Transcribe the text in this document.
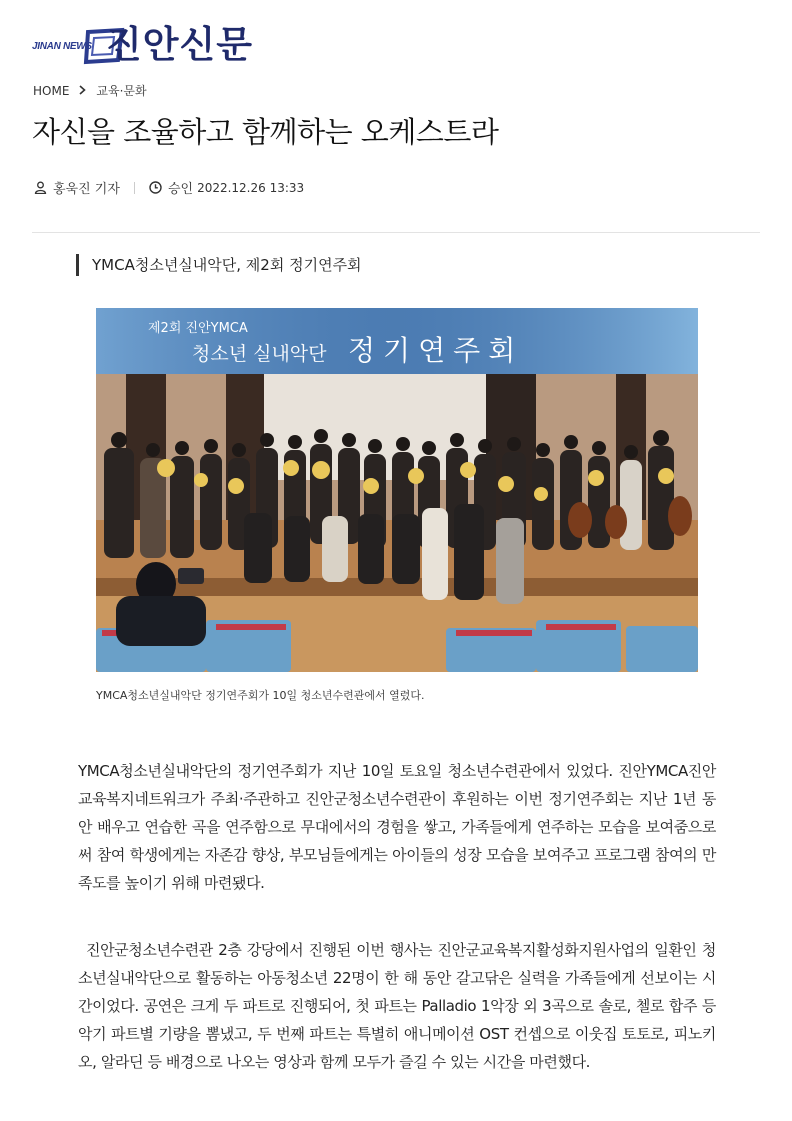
JINAN NEWS 진안신문
HOME 교육·문화
자신을 조율하고 함께하는 오케스트라
홍욱진 기자	승인 2022.12.26 13:33
YMCA청소년실내악단, 제2회 정기연주회
제2회 진안YMCA
청소년 실내악단 정기연주회
YMCA청소년실내악단 정기연주회가 10일 청소년수련관에서 열렸다.

YMCA청소년실내악단의 정기연주회가 지난 10일 토요일 청소년수련관에서 있었다. 진안YMCA진안교육복지네트워크가 주최·주관하고 진안군청소년수련관이 후원하는 이번 정기연주회는 지난 1년 동안 배우고 연습한 곡을 연주함으로 무대에서의 경험을 쌓고, 가족들에게 연주하는 모습을 보여줌으로써 참여 학생에게는 자존감 향상, 부모님들에게는 아이들의 성장 모습을 보여주고 프로그램 참여의 만족도를 높이기 위해 마련됐다.

진안군청소년수련관 2층 강당에서 진행된 이번 행사는 진안군교육복지활성화지원사업의 일환인 청소년실내악단으로 활동하는 아동청소년 22명이 한 해 동안 갈고닦은 실력을 가족들에게 선보이는 시간이었다. 공연은 크게 두 파트로 진행되어, 첫 파트는 Palladio 1악장 외 3곡으로 솔로, 첼로 합주 등 악기 파트별 기량을 뽐냈고, 두 번째 파트는 특별히 애니메이션 OST 컨셉으로 이웃집 토토로, 피노키오, 알라딘 등 배경으로 나오는 영상과 함께 모두가 즐길 수 있는 시간을 마련했다.
